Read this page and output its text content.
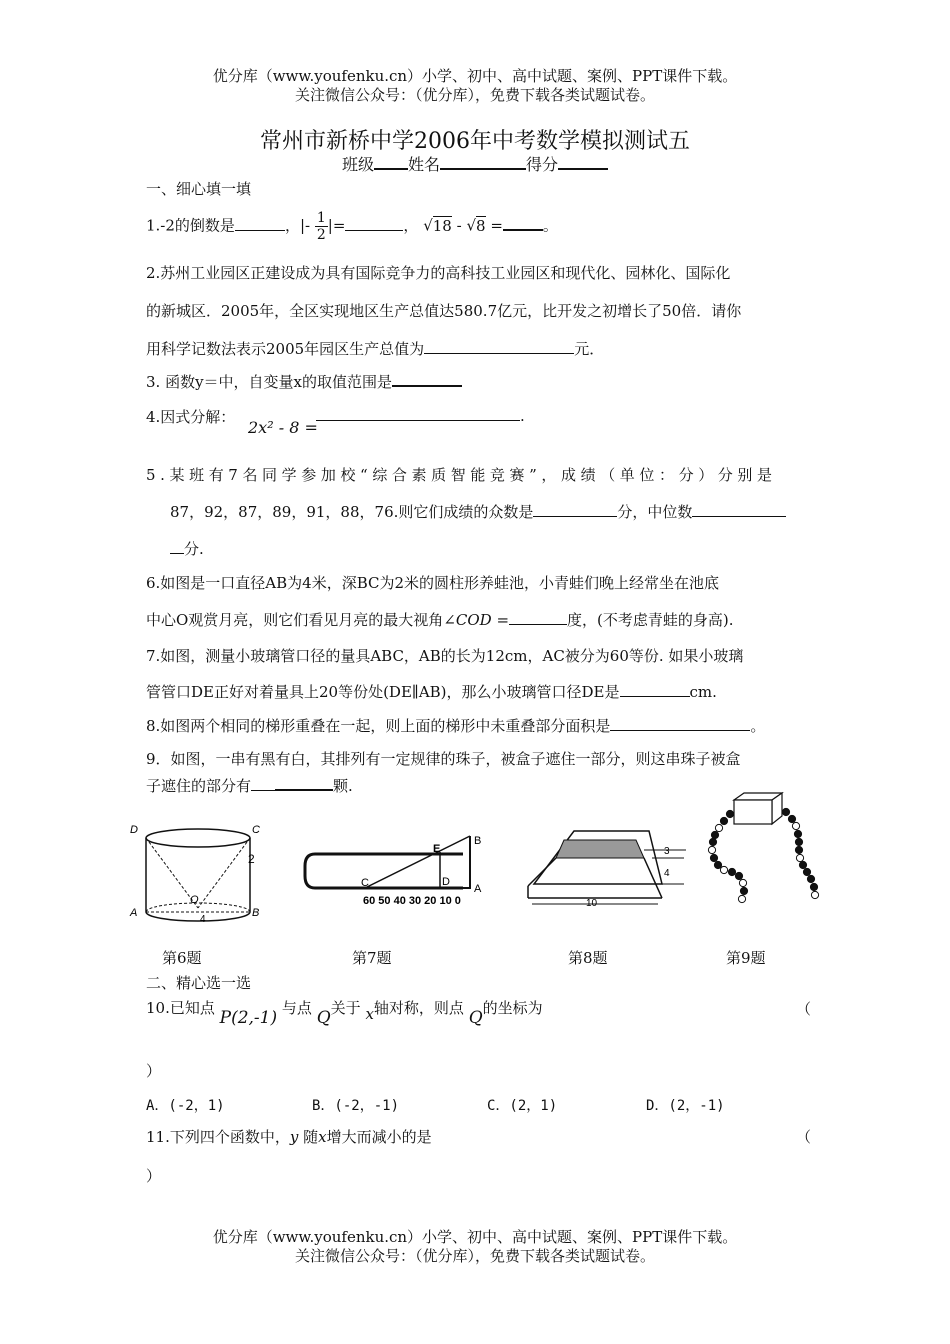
优分库（www.youfenku.cn）小学、初中、高中试题、案例、PPT课件下载。
关注微信公众号：（优分库），免费下载各类试题试卷。
常州市新桥中学2006年中考数学模拟测试五
班级 姓名	得分
一、细心填一填
1.-2的倒数是	，|- $\frac{1}{2}$ |=	， √18 - √8 =	。
2.苏州工业园区正建设成为具有国际竞争力的高科技工业园区和现代化、园林化、国际化
的新城区．2005年，全区实现地区生产总值达580.7亿元，比开发之初增长了50倍．请你
用科学记数法表示2005年园区生产总值为	元．
3. 函数y＝中，自变量x的取值范围是
4.因式分解：
2x² - 8 =
.
5.某班有7名同学参加校“综合素质智能竞赛”，成绩（单位：分）分别是
87，92，87，89，91，88，76.则它们成绩的众数是	分，中位数
分.
6.如图是一口直径AB为4米，深BC为2米的圆柱形养蛙池，小青蛙们晚上经常坐在池底
中心O观赏月亮，则它们看见月亮的最大视角∠COD =	度，(不考虑青蛙的身高).
7.如图，测量小玻璃管口径的量具ABC，AB的长为12cm，AC被分为60等份. 如果小玻璃
管管口DE正好对着量具上20等份处(DE∥AB)，那么小玻璃管口径DE是	cm.
8.如图两个相同的梯形重叠在一起，则上面的梯形中未重叠部分面积是	。
9．如图，一串有黑有白，其排列有一定规律的珠子，被盒子遮住一部分，则这串珠子被盒
子遮住的部分有	颗.
D	C
2
O
A
4
B
第6题
E
B
C	D
A
60 50 40 30 20 10 0
第7题
10
3
4
第8题	第9题
二、精心选一选
10.已知点 P(2,-1) 与点 Q关于 x轴对称，则点 Q的坐标为	（
）
A．(-2，1)	B．(-2，-1)	C．(2，1)	D．(2，-1)
11.下列四个函数中，y 随x增大而减小的是	（
）
优分库（www.youfenku.cn）小学、初中、高中试题、案例、PPT课件下载。
关注微信公众号：（优分库），免费下载各类试题试卷。
